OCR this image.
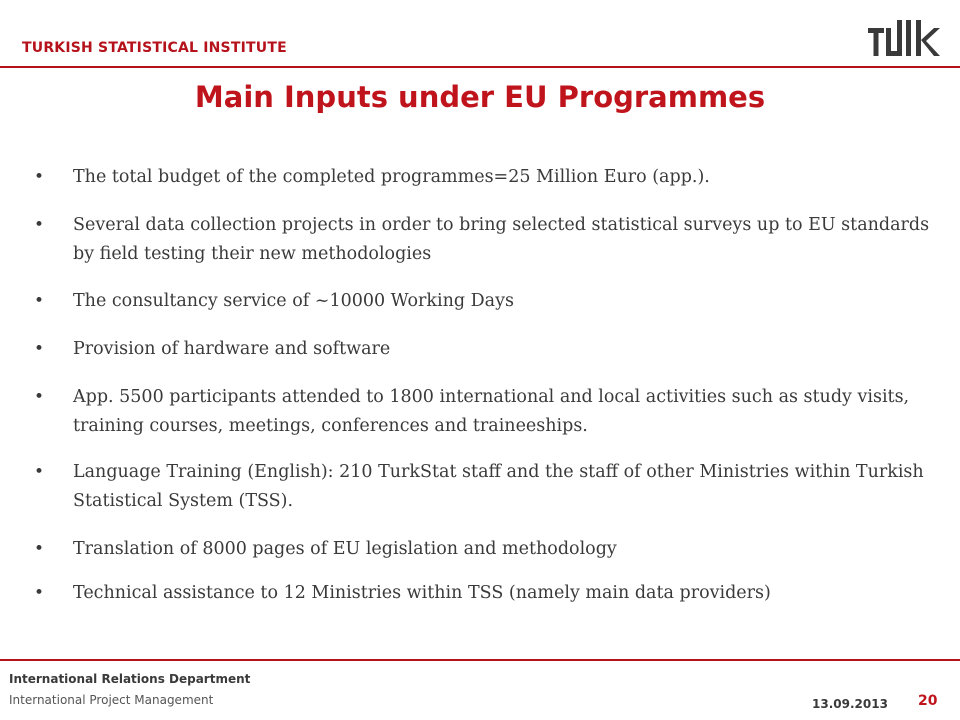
TURKISH STATISTICAL INSTITUTE
Main Inputs under EU Programmes
• The total budget of the completed programmes=25 Million Euro (app.).
• Several data collection projects in order to bring selected statistical surveys up to EU standards by field testing their new methodologies
• The consultancy service of ~10000 Working Days
• Provision of hardware and software
• App. 5500 participants attended to 1800 international and local activities such as study visits, training courses, meetings, conferences and traineeships.
• Language Training (English): 210 TurkStat staff and the staff of other Ministries within Turkish Statistical System (TSS).
• Translation of 8000 pages of EU legislation and methodology
• Technical assistance to 12 Ministries within TSS (namely main data providers)
International Relations Department
International Project Management	13.09.2013 20
